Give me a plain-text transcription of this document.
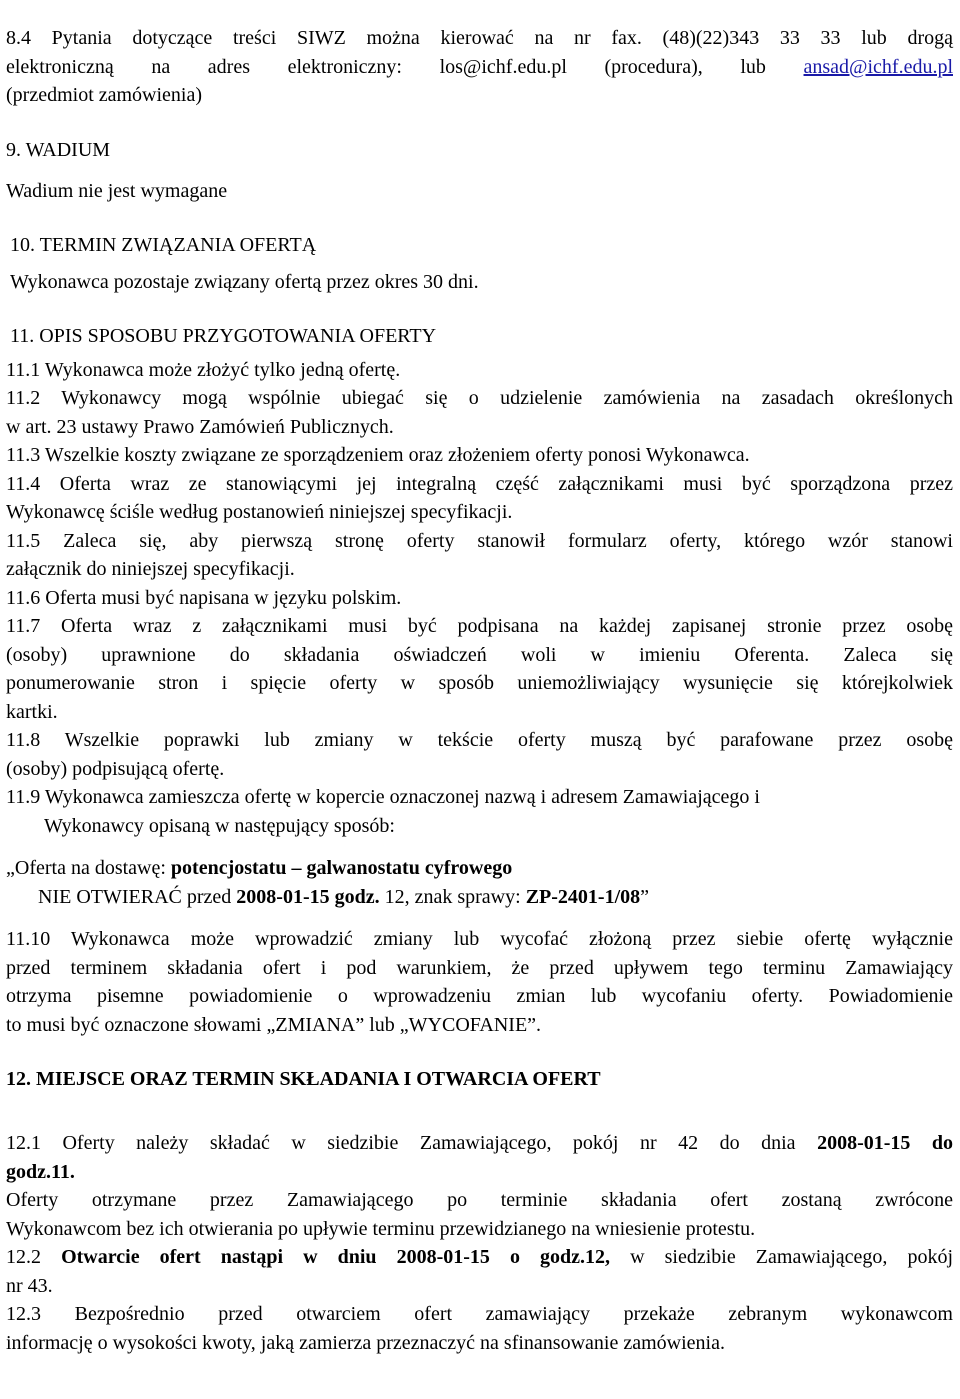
8.4 Pytania dotyczące treści SIWZ można kierować na nr fax. (48)(22)343 33 33 lub drogą

elektroniczną na adres elektroniczny: los@ichf.edu.pl (procedura), lub ansad@ichf.edu.pl

(przedmiot zamówienia)

9. WADIUM

Wadium nie jest wymagane

10. TERMIN ZWIĄZANIA OFERTĄ

Wykonawca pozostaje związany ofertą przez okres 30 dni.

11. OPIS SPOSOBU PRZYGOTOWANIA OFERTY

11.1 Wykonawca może złożyć tylko jedną ofertę.

11.2 Wykonawcy mogą wspólnie ubiegać się o udzielenie zamówienia na zasadach określonych

w art. 23 ustawy Prawo Zamówień Publicznych.

11.3 Wszelkie koszty związane ze sporządzeniem oraz złożeniem oferty ponosi Wykonawca.

11.4 Oferta wraz ze stanowiącymi jej integralną część załącznikami musi być sporządzona przez

Wykonawcę ściśle według postanowień niniejszej specyfikacji.

11.5 Zaleca się, aby pierwszą stronę oferty stanowił formularz oferty, którego wzór stanowi

załącznik do niniejszej specyfikacji.

11.6 Oferta musi być napisana w języku polskim.

11.7 Oferta wraz z załącznikami musi być podpisana na każdej zapisanej stronie przez osobę

(osoby) uprawnione do składania oświadczeń woli w imieniu Oferenta. Zaleca się

ponumerowanie stron i spięcie oferty w sposób uniemożliwiający wysunięcie się którejkolwiek

kartki.

11.8 Wszelkie poprawki lub zmiany w tekście oferty muszą być parafowane przez osobę

(osoby) podpisującą ofertę.

11.9 Wykonawca zamieszcza ofertę w kopercie oznaczonej nazwą i adresem Zamawiającego i

Wykonawcy opisaną w następujący sposób:

„Oferta na dostawę: potencjostatu – galwanostatu cyfrowego

NIE OTWIERAĆ przed 2008-01-15 godz. 12, znak sprawy: ZP-2401-1/08”

11.10 Wykonawca może wprowadzić zmiany lub wycofać złożoną przez siebie ofertę wyłącznie

przed terminem składania ofert i pod warunkiem, że przed upływem tego terminu Zamawiający

otrzyma pisemne powiadomienie o wprowadzeniu zmian lub wycofaniu oferty. Powiadomienie

to musi być oznaczone słowami „ZMIANA” lub „WYCOFANIE”.

12. MIEJSCE ORAZ TERMIN SKŁADANIA I OTWARCIA OFERT

12.1 Oferty należy składać w siedzibie Zamawiającego, pokój nr 42 do dnia 2008-01-15 do

godz.11.

Oferty otrzymane przez Zamawiającego po terminie składania ofert zostaną zwrócone

Wykonawcom bez ich otwierania po upływie terminu przewidzianego na wniesienie protestu.

12.2 Otwarcie ofert nastąpi w dniu 2008-01-15 o godz.12, w siedzibie Zamawiającego, pokój

nr 43.

12.3 Bezpośrednio przed otwarciem ofert zamawiający przekaże zebranym wykonawcom

informację o wysokości kwoty, jaką zamierza przeznaczyć na sfinansowanie zamówienia.
